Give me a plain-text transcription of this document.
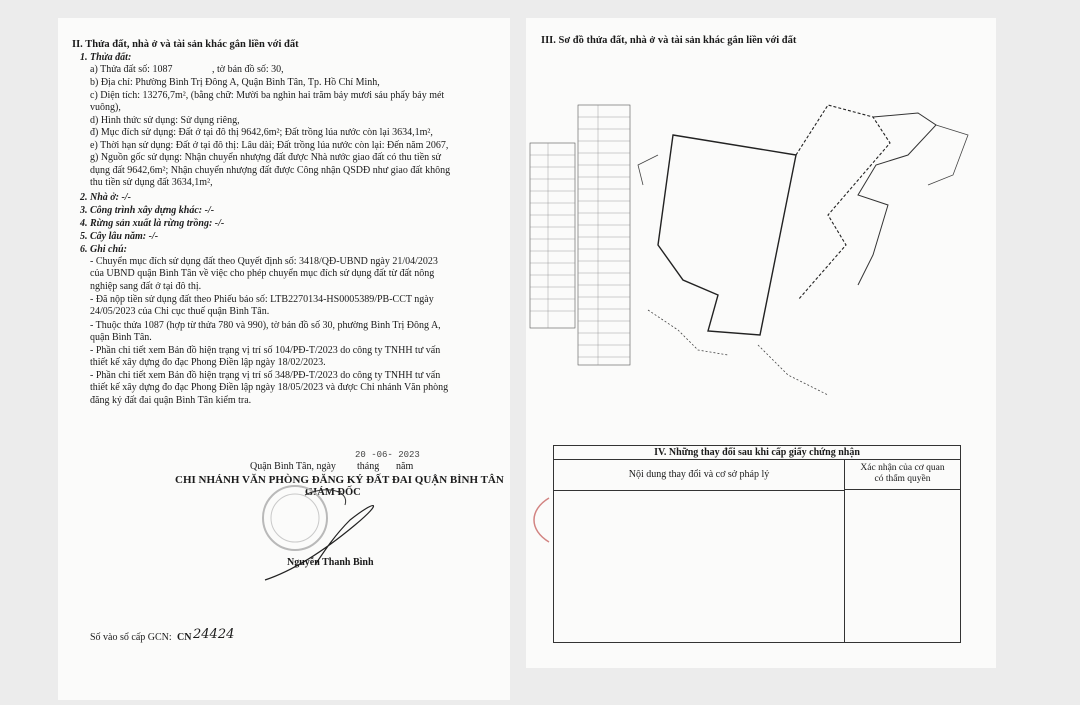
II. Thửa đất, nhà ở và tài sản khác gắn liền với đất
1. Thửa đất:
a) Thửa đất số: 1087	, tờ bản đồ số: 30,
b) Địa chỉ: Phường Bình Trị Đông A, Quận Bình Tân, Tp. Hồ Chí Minh,
c) Diện tích: 13276,7m², (bằng chữ: Mười ba nghìn hai trăm bảy mươi sáu phẩy bảy mét
vuông),
d) Hình thức sử dụng: Sử dụng riêng,
đ) Mục đích sử dụng: Đất ở tại đô thị 9642,6m²; Đất trồng lúa nước còn lại 3634,1m²,
e) Thời hạn sử dụng: Đất ở tại đô thị: Lâu dài; Đất trồng lúa nước còn lại: Đến năm 2067,
g) Nguồn gốc sử dụng: Nhận chuyển nhượng đất được Nhà nước giao đất có thu tiền sử
dụng đất 9642,6m²; Nhận chuyển nhượng đất được Công nhận QSDĐ như giao đất không
thu tiền sử dụng đất 3634,1m²,
2. Nhà ở: -/-
3. Công trình xây dựng khác: -/-
4. Rừng sản xuất là rừng trồng: -/-
5. Cây lâu năm: -/-
6. Ghi chú:
- Chuyển mục đích sử dụng đất theo Quyết định số: 3418/QĐ-UBND ngày 21/04/2023
của UBND quận Bình Tân về việc cho phép chuyển mục đích sử dụng đất từ đất nông
nghiệp sang đất ở tại đô thị.
- Đã nộp tiền sử dụng đất theo Phiếu báo số: LTB2270134-HS0005389/PB-CCT ngày
24/05/2023 của Chi cục thuế quận Bình Tân.
- Thuộc thửa 1087 (hợp từ thửa 780 và 990), tờ bản đồ số 30, phường Bình Trị Đông A,
quận Bình Tân.
- Phần chi tiết xem Bản đồ hiện trạng vị trí số 104/PĐ-T/2023 do công ty TNHH tư vấn
thiết kế xây dựng đo đạc Phong Điền lập ngày 18/02/2023.
- Phần chi tiết xem Bản đồ hiện trạng vị trí số 348/PĐ-T/2023 do công ty TNHH tư vấn
thiết kế xây dựng đo đạc Phong Điền lập ngày 18/05/2023 và được Chi nhánh Văn phòng
đăng ký đất đai quận Bình Tân kiểm tra.
20 -06- 2023
Quận Bình Tân, ngày tháng năm
CHI NHÁNH VĂN PHÒNG ĐĂNG KÝ ĐẤT ĐAI QUẬN BÌNH TÂN
GIÁM ĐỐC
Nguyễn Thanh Bình
Số vào sổ cấp GCN: CN 24424
III. Sơ đồ thửa đất, nhà ở và tài sản khác gắn liền với đất
IV. Những thay đổi sau khi cấp giấy chứng nhận
Nội dung thay đổi và cơ sở pháp lý
Xác nhận của cơ quan
có thẩm quyền
